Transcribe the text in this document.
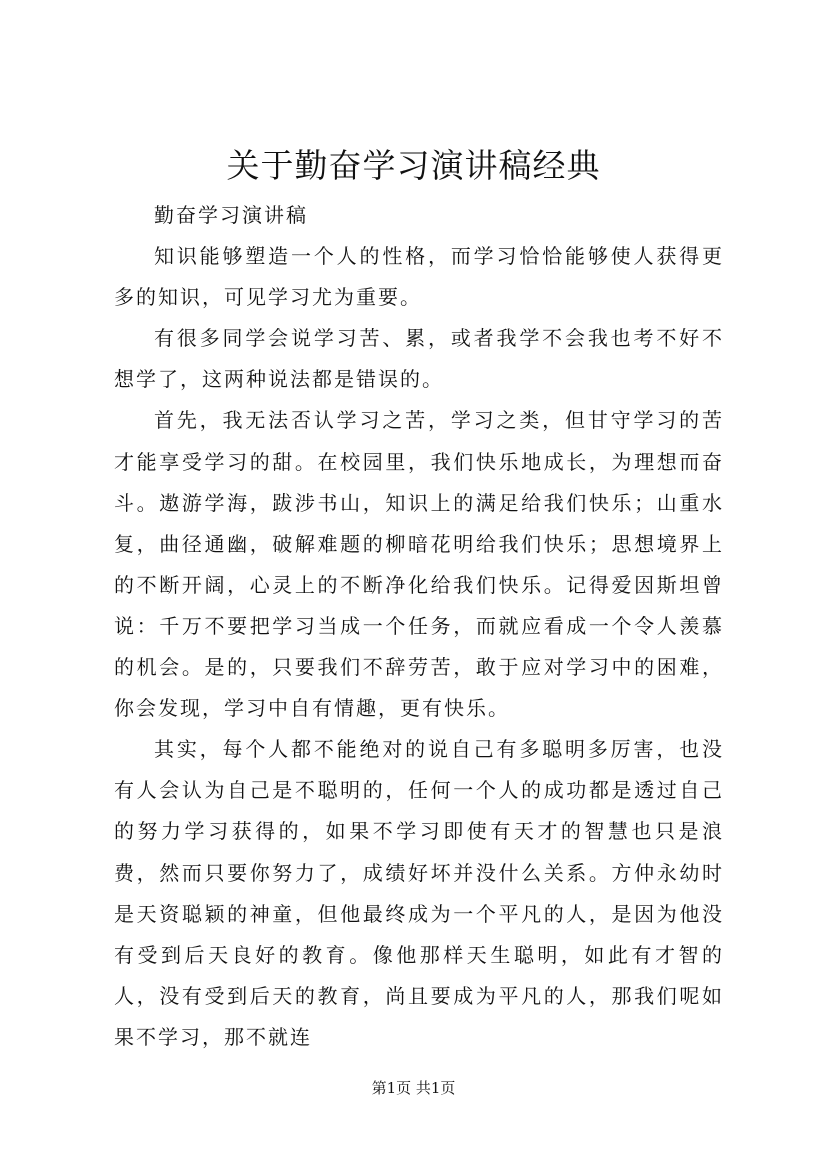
关于勤奋学习演讲稿经典

勤奋学习演讲稿

知识能够塑造一个人的性格，而学习恰恰能够使人获得更多的知识，可见学习尤为重要。

有很多同学会说学习苦、累，或者我学不会我也考不好不想学了，这两种说法都是错误的。

首先，我无法否认学习之苦，学习之类，但甘守学习的苦才能享受学习的甜。在校园里，我们快乐地成长，为理想而奋斗。遨游学海，跋涉书山，知识上的满足给我们快乐；山重水复，曲径通幽，破解难题的柳暗花明给我们快乐；思想境界上的不断开阔，心灵上的不断净化给我们快乐。记得爱因斯坦曾说：千万不要把学习当成一个任务，而就应看成一个令人羡慕的机会。是的，只要我们不辞劳苦，敢于应对学习中的困难，你会发现，学习中自有情趣，更有快乐。

其实，每个人都不能绝对的说自己有多聪明多厉害，也没有人会认为自己是不聪明的，任何一个人的成功都是透过自己的努力学习获得的，如果不学习即使有天才的智慧也只是浪费，然而只要你努力了，成绩好坏并没什么关系。方仲永幼时是天资聪颖的神童，但他最终成为一个平凡的人，是因为他没有受到后天良好的教育。像他那样天生聪明，如此有才智的人，没有受到后天的教育，尚且要成为平凡的人，那我们呢如果不学习，那不就连

第1页 共1页
